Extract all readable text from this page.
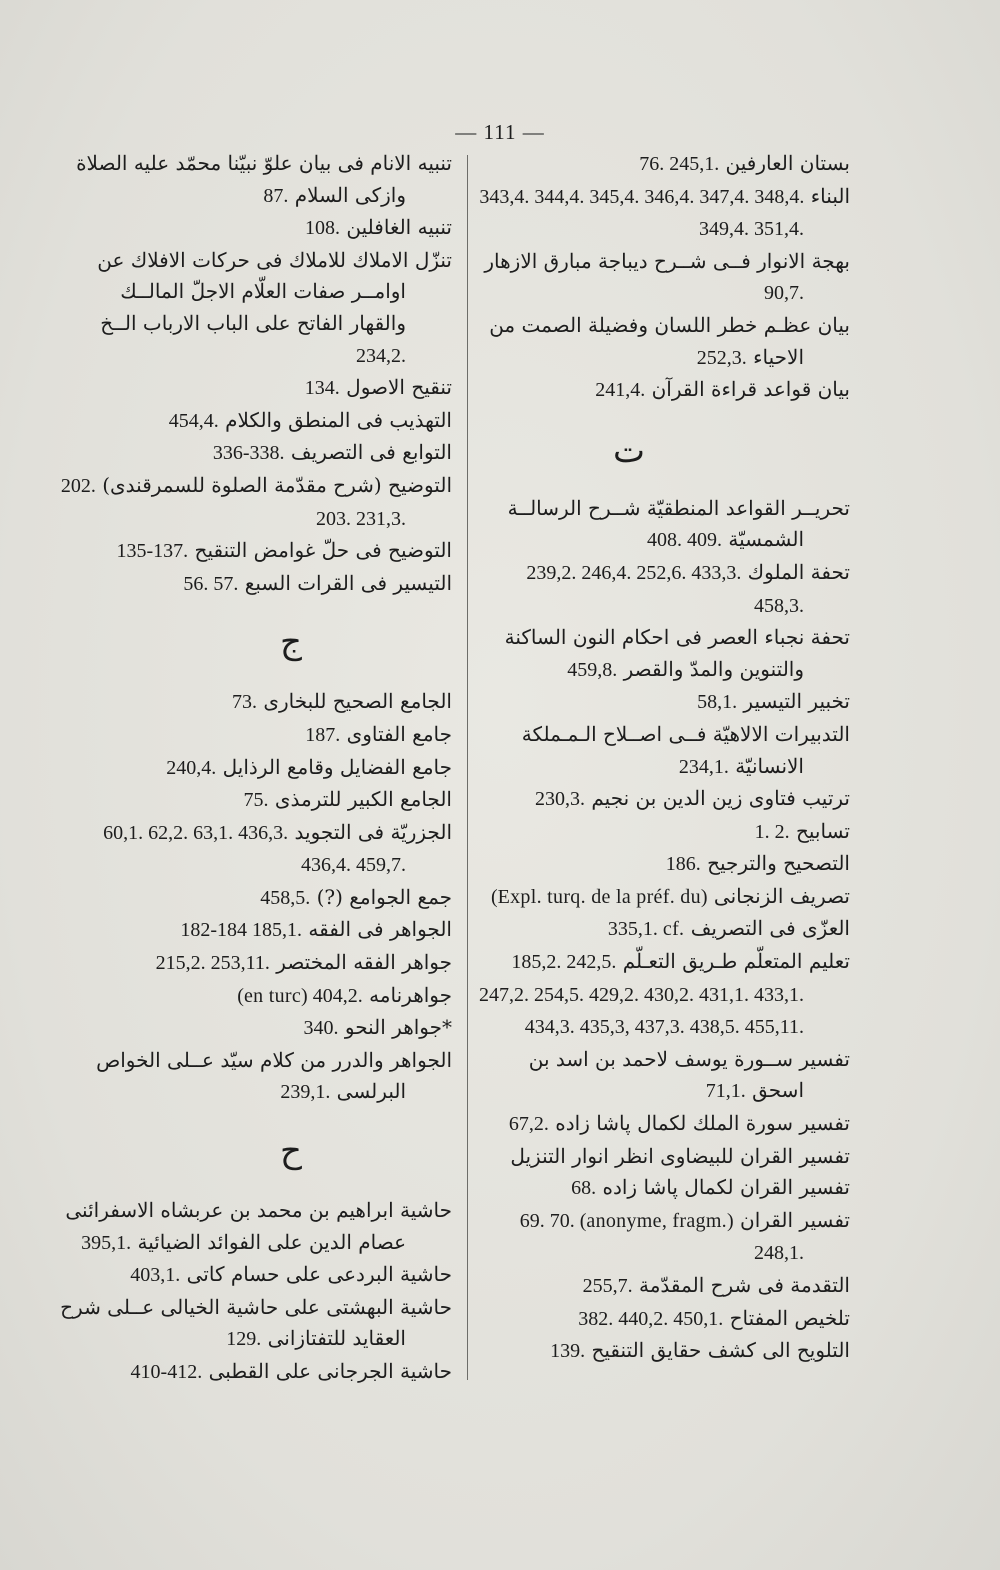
— 111 —

بستان العارفين 76. 245,1.

البناء 343,4. 344,4. 345,4. 346,4. 347,4. 348,4. 349,4. 351,4.

بهجة الانوار فــى شــرح ديباجة مبارق الازهار 90,7.

بيان عظـم خطر اللسان وفضيلة الصمت من الاحياء 252,3.

بيان قواعد قراءة القرآن 241,4.

ت

تحريــر القواعد المنطقيّة شــرح الرسالــة الشمسيّة 408. 409.

تحفة الملوك 239,2. 246,4. 252,6. 433,3. 458,3.

تحفة نجباء العصر فى احكام النون الساكنة والتنوين والمدّ والقصر 459,8.

تخبير التيسير 58,1.

التدبيرات الالاهيّة فــى اصــلاح الـمـملكة الانسانيّة 234,1.

ترتيب فتاوى زين الدين بن نجيم 230,3.

تسابيح 1. 2.

التصحيح والترجيح 186.

تصريف الزنجانى (Expl. turq. de la préf. du)

العزّى فى التصريف 335,1. cf.

تعليم المتعلّم طـريق التعـلّم 185,2. 242,5. 247,2. 254,5. 429,2. 430,2. 431,1. 433,1. 434,3. 435,3, 437,3. 438,5. 455,11.

تفسير ســورة يوسف لاحمد بن اسد بن اسحق 71,1.

تفسير سورة الملك لكمال پاشا زاده 67,2.

تفسير القران للبيضاوى انظر انوار التنزيل

تفسير القران لكمال پاشا زاده 68.

تفسير القران 69. 70. (anonyme, fragm.) 248,1.

التقدمة فى شرح المقدّمة 255,7.

تلخيص المفتاح 382. 440,2. 450,1.

التلويح الى كشف حقايق التنقيح 139.

تنبيه الانام فى بيان علوّ نبيّنا محمّد عليه الصلاة وازكى السلام 87.

تنبيه الغافلين 108.

تنزّل الاملاك للاملاك فى حركات الافلاك عن اوامــر صفات العلّام الاجلّ المالــك والقهار الفاتح على الباب الارباب الــخ 234,2.

تنقيح الاصول 134.

التهذيب فى المنطق والكلام 454,4.

التوابع فى التصريف 336-338.

التوضيح (شرح مقدّمة الصلوة للسمرقندى) 202. 203. 231,3.

التوضيح فى حلّ غوامض التنقيح 135-137.

التيسير فى القرات السبع 56. 57.

ج

الجامع الصحيح للبخارى 73.

جامع الفتاوى 187.

جامع الفضايل وقامع الرذايل 240,4.

الجامع الكبير للترمذى 75.

الجزريّة فى التجويد 60,1. 62,2. 63,1. 436,3. 436,4. 459,7.

جمع الجوامع (?) 458,5.

الجواهر فى الفقه 182-184 185,1.

جواهر الفقه المختصر 215,2. 253,11.

جواهرنامه (en turc) 404,2.

*جواهر النحو 340.

الجواهر والدرر من كلام سيّد عــلى الخواص البرلسى 239,1.

ح

حاشية ابراهيم بن محمد بن عربشاه الاسفرائنى عصام الدين على الفوائد الضيائية 395,1.

حاشية البردعى على حسام كاتى 403,1.

حاشية البهشتى على حاشية الخيالى عــلى شرح العقايد للتفتازانى 129.

حاشية الجرجانى على القطبى 410-412.
